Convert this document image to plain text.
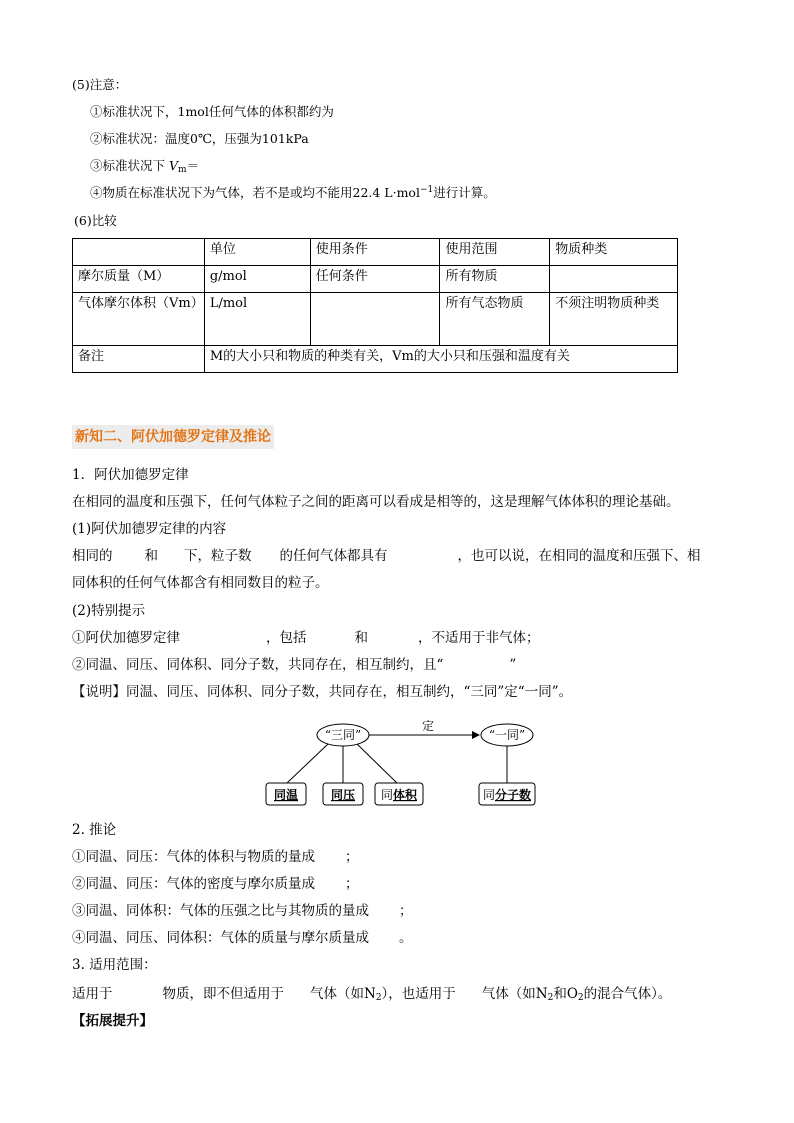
(5)注意：
①标准状况下，1mol任何气体的体积都约为
②标准状况：温度0℃，压强为101kPa
③标准状况下 $V_m=$
④物质在标准状况下为气体，若不是或均不能用22.4 L·mol$^{-1}$进行计算。
(6)比较
	单位	使用条件	使用范围	物质种类
摩尔质量（M）	g/mol	任何条件	所有物质	
气体摩尔体积（Vm）	L/mol		所有气态物质	不须注明物质种类
备注	M的大小只和物质的种类有关，Vm的大小只和压强和温度有关			
新知二、阿伏加德罗定律及推论
1．阿伏加德罗定律
在相同的温度和压强下，任何气体粒子之间的距离可以看成是相等的，这是理解气体体积的理论基础。
(1)阿伏加德罗定律的内容
相同的 和 下，粒子数 的任何气体都具有	，也可以说，在相同的温度和压强下、相
同体积的任何气体都含有相同数目的粒子。
(2)特别提示
①阿伏加德罗定律	，包括	和	，不适用于非气体；
②同温、同压、同体积、同分子数，共同存在，相互制约，且“	”
【说明】同温、同压、同体积、同分子数，共同存在，相互制约，“三同”定“一同”。
“三同”	“一同”
定
同温	同压 同体积	同分子数
2. 推论
①同温、同压：气体的体积与物质的量成 ；
②同温、同压：气体的密度与摩尔质量成 ；
③同温、同体积：气体的压强之比与其物质的量成 ；
④同温、同压、同体积：气体的质量与摩尔质量成 。
3. 适用范围：
适用于	物质，即不但适用于 气体（如$N_2$），也适用于 气体（如$N_2$和$O_2$的混合气体）。
【拓展提升】
